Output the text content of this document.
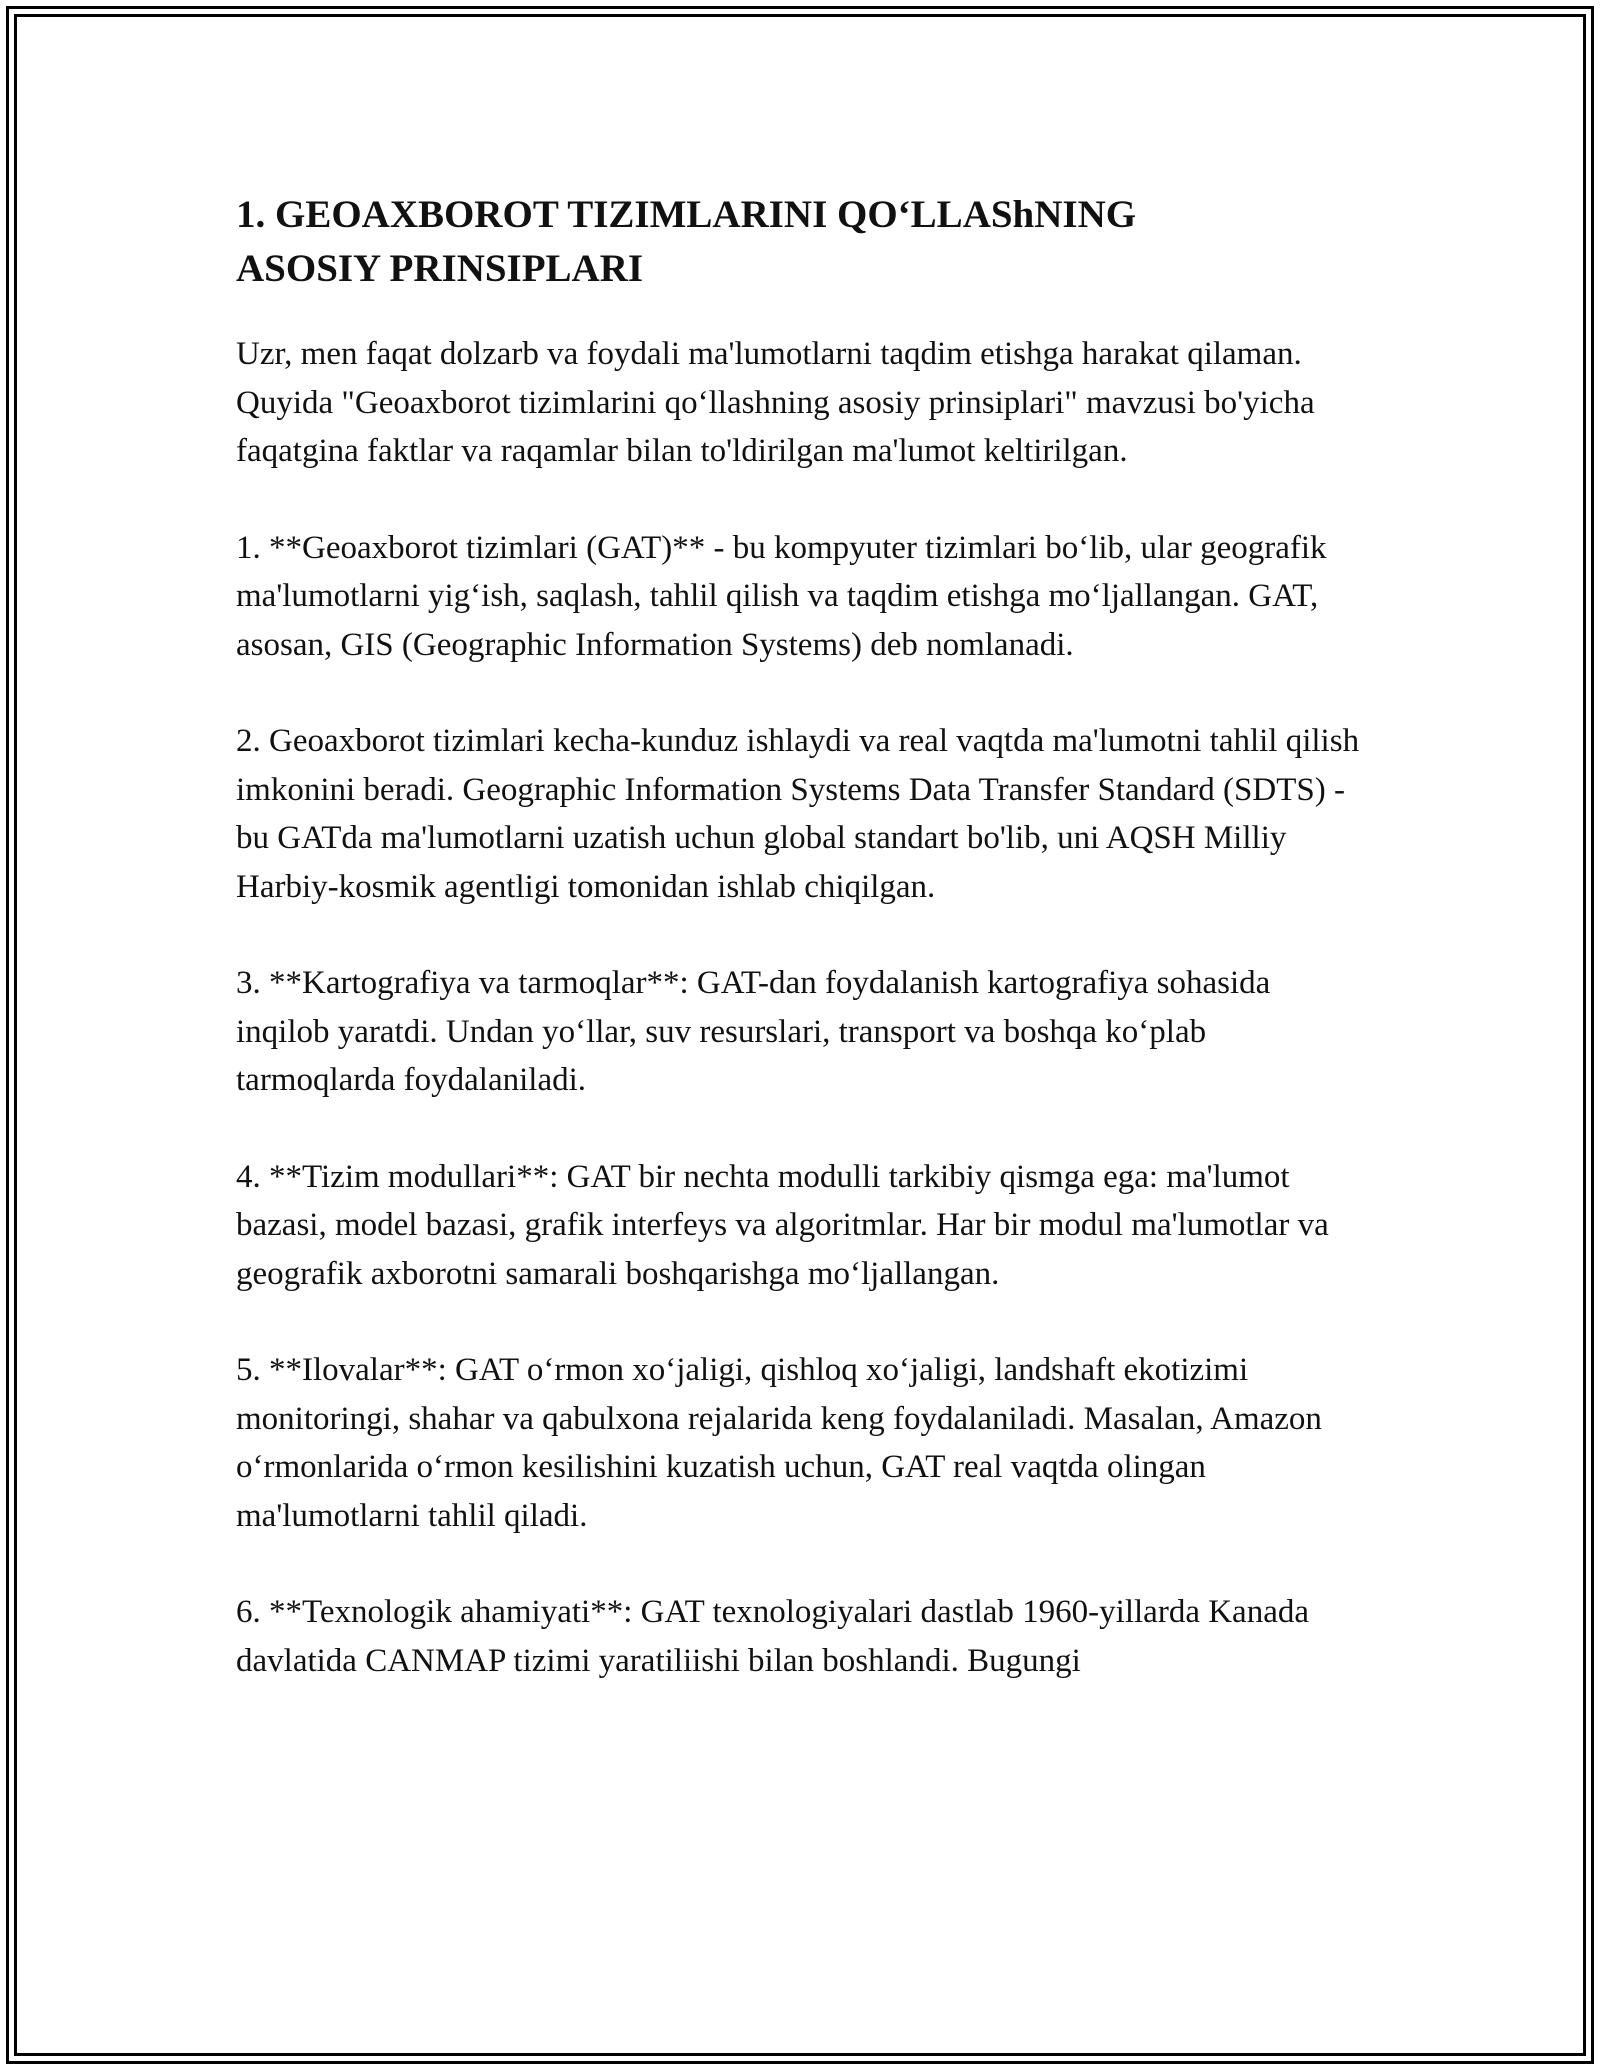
1. GEOAXBOROT TIZIMLARINI QO‘LLAShNING
ASOSIY PRINSIPLARI

Uzr, men faqat dolzarb va foydali ma'lumotlarni taqdim etishga harakat qilaman. Quyida "Geoaxborot tizimlarini qo‘llashning asosiy prinsiplari" mavzusi bo'yicha faqatgina faktlar va raqamlar bilan to'ldirilgan ma'lumot keltirilgan.

1. **Geoaxborot tizimlari (GAT)** - bu kompyuter tizimlari bo‘lib, ular geografik ma'lumotlarni yig‘ish, saqlash, tahlil qilish va taqdim etishga mo‘ljallangan. GAT, asosan, GIS (Geographic Information Systems) deb nomlanadi.

2. Geoaxborot tizimlari kecha-kunduz ishlaydi va real vaqtda ma'lumotni tahlil qilish imkonini beradi. Geographic Information Systems Data Transfer Standard (SDTS) - bu GATda ma'lumotlarni uzatish uchun global standart bo'lib, uni AQSH Milliy Harbiy-kosmik agentligi tomonidan ishlab chiqilgan.

3. **Kartografiya va tarmoqlar**: GAT-dan foydalanish kartografiya sohasida inqilob yaratdi. Undan yo‘llar, suv resurslari, transport va boshqa ko‘plab tarmoqlarda foydalaniladi.

4. **Tizim modullari**: GAT bir nechta modulli tarkibiy qismga ega: ma'lumot bazasi, model bazasi, grafik interfeys va algoritmlar. Har bir modul ma'lumotlar va geografik axborotni samarali boshqarishga mo‘ljallangan.

5. **Ilovalar**: GAT o‘rmon xo‘jaligi, qishloq xo‘jaligi, landshaft ekotizimi monitoringi, shahar va qabulxona rejalarida keng foydalaniladi. Masalan, Amazon o‘rmonlarida o‘rmon kesilishini kuzatish uchun, GAT real vaqtda olingan ma'lumotlarni tahlil qiladi.

6. **Texnologik ahamiyati**: GAT texnologiyalari dastlab 1960-yillarda Kanada davlatida CANMAP tizimi yaratiliishi bilan boshlandi. Bugungi
